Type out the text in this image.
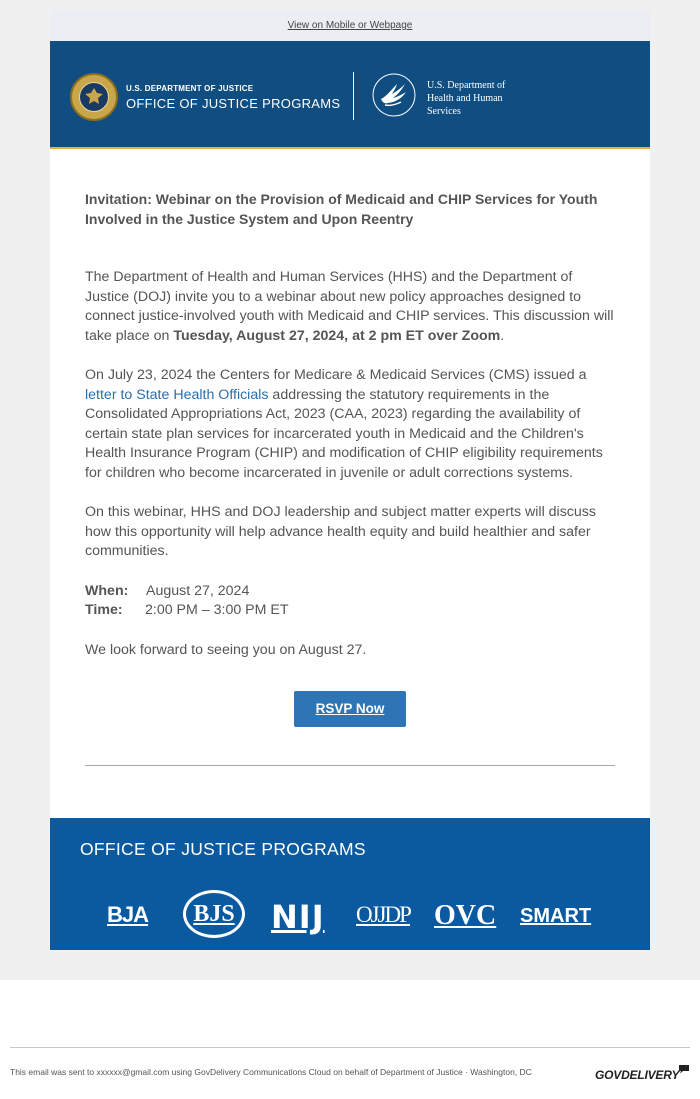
View on Mobile or Webpage
U.S. DEPARTMENT OF JUSTICE
OFFICE OF JUSTICE PROGRAMS
U.S. Department of
Health and Human
Services
Invitation: Webinar on the Provision of Medicaid and CHIP Services for Youth Involved in the Justice System and Upon Reentry

The Department of Health and Human Services (HHS) and the Department of Justice (DOJ) invite you to a webinar about new policy approaches designed to connect justice-involved youth with Medicaid and CHIP services. This discussion will take place on Tuesday, August 27, 2024, at 2 pm ET over Zoom.

On July 23, 2024 the Centers for Medicare & Medicaid Services (CMS) issued a letter to State Health Officials addressing the statutory requirements in the Consolidated Appropriations Act, 2023 (CAA, 2023) regarding the availability of certain state plan services for incarcerated youth in Medicaid and the Children's Health Insurance Program (CHIP) and modification of CHIP eligibility requirements for children who become incarcerated in juvenile or adult corrections systems.

On this webinar, HHS and DOJ leadership and subject matter experts will discuss how this opportunity will help advance health equity and build healthier and safer communities.

When: August 27, 2024
Time: 2:00 PM – 3:00 PM ET

We look forward to seeing you on August 27.

RSVP Now
OFFICE OF JUSTICE PROGRAMS
BJA	BJS	NIJ OJJDP OVC SMART
This email was sent to xxxxxx@gmail.com using GovDelivery Communications Cloud on behalf of Department of Justice · Washington, DC	GOVDELIVERY
